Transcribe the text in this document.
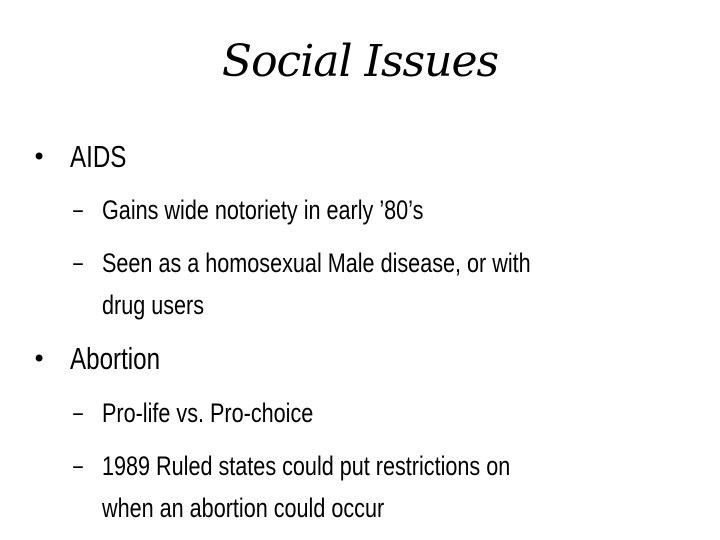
Social Issues
• AIDS
– Gains wide notoriety in early ’80’s
– Seen as a homosexual Male disease, or with
drug users
• Abortion
– Pro-life vs. Pro-choice
– 1989 Ruled states could put restrictions on
when an abortion could occur
